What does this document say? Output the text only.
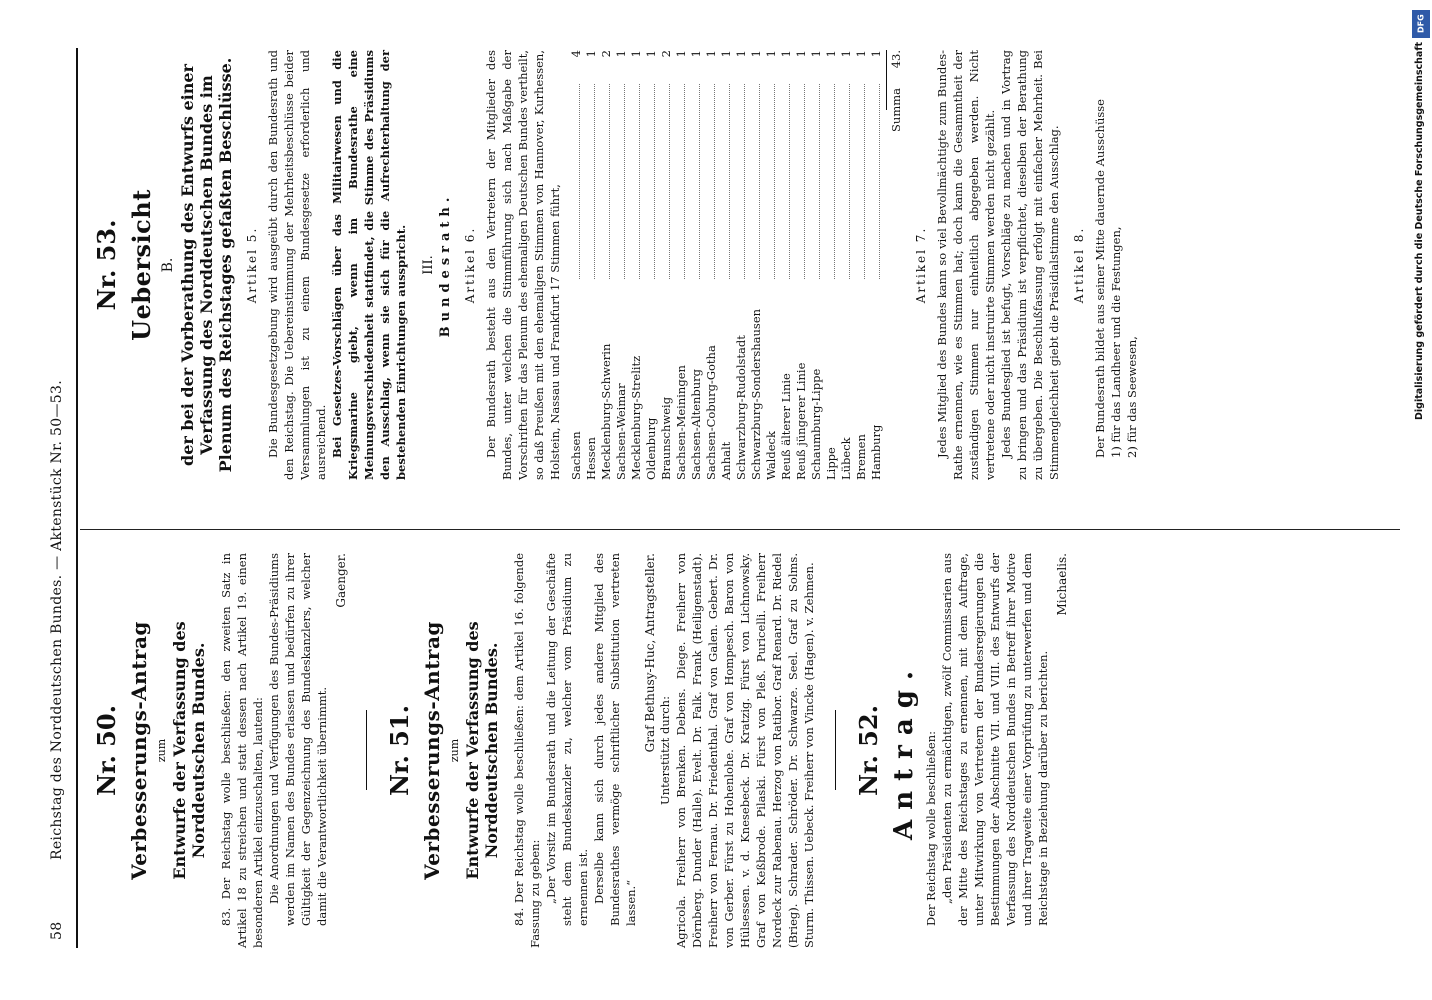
58
Reichstag des Norddeutschen Bundes. — Aktenstück Nr. 50—53. Nr. 50. Verbesserungs-Antrag zum Entwurfe der Verfassung des Norddeutschen Bundes. 83. Der Reichstag wolle beschließen: den zweiten Satz in Artikel 18 zu streichen und statt dessen nach Artikel 19. einen besonderen Artikel einzuschalten, lautend: Die Anordnungen und Verfügungen des Bundes-Präsidiums werden im Namen des Bundes erlassen und bedürfen zu ihrer Gültigkeit der Gegenzeichnung des Bundeskanzlers, welcher damit die Verantwortlichkeit übernimmt.

Gaenger.
Nr. 51. Verbesserungs-Antrag zum Entwurfe der Verfassung des Norddeutschen Bundes. 84. Der Reichstag wolle beschließen: dem Artikel 16. folgende Fassung zu geben: „Der Vorsitz im Bundesrath und die Leitung der Geschäfte steht dem Bundeskanzler zu, welcher vom Präsidium zu ernennen ist. Derselbe kann sich durch jedes andere Mitglied des Bundesrathes vermöge schriftlicher Substitution vertreten lassen.“

Graf Bethusy-Huc, Antragsteller. Unterstützt durch: Agricola. Freiherr von Brenken. Debens. Diege. Freiherr von Dörnberg. Dunder (Halle). Evelt. Dr. Falk. Frank (Heiligenstadt). Freiherr von Fernau. Dr. Friedenthal. Graf von Galen. Gebert. Dr. von Gerber. Fürst zu Hohenlohe. Graf von Hompesch. Baron von Hülsessen. v. d. Knesebeck. Dr. Kratzig. Fürst von Lichnowsky. Graf von Keßbrode. Pilaski. Fürst von Pleß. Puricelli. Freiherr Nordeck zur Rabenau. Herzog von Ratibor. Graf Renard. Dr. Riedel (Brieg). Schrader. Schröder. Dr. Schwarze. Seel. Graf zu Solms. Sturm. Thissen. Uebeck. Freiherr von Vincke (Hagen). v. Zehmen. Nr. 52. Antrag. Der Reichstag wolle beschließen: „den Präsidenten zu ermächtigen, zwölf Commissarien aus der Mitte des Reichstages zu ernennen, mit dem Auftrage, unter Mitwirkung von Vertretern der Bundesregierungen die Bestimmungen der Abschnitte VII. und VIII. des Entwurfs der Verfassung des Norddeutschen Bundes in Betreff ihrer Motive und ihrer Tragweite einer Vorprüfung zu unterwerfen und dem Reichstage in Beziehung darüber zu berichten.

Michaelis.
Nr. 53. Uebersicht B. der bei der Vorberathung des Entwurfs einer Verfassung des Norddeutschen Bundes im Plenum des Reichstages gefaßten Beschlüsse. Artikel 5. Die Bundesgesetzgebung wird ausgeübt durch den Bundesrath und den Reichstag. Die Uebereinstimmung der Mehrheitsbeschlüsse beider Versammlungen ist zu einem Bundesgesetze erforderlich und ausreichend. Bei Gesetzes-Vorschlägen über das Militairwesen und die Kriegsmarine giebt, wenn im Bundesrathe eine Meinungsverschiedenheit stattfindet, die Stimme des Präsidiums den Ausschlag, wenn sie sich für die Aufrechterhaltung der bestehenden Einrichtungen ausspricht. III. Bundesrath. Artikel 6. Der Bundesrath besteht aus den Vertretern der Mitglieder des Bundes, unter welchen die Stimmführung sich nach Maßgabe der Vorschriften für das Plenum des ehemaligen Deutschen Bundes vertheilt, so daß Preußen mit den ehemaligen Stimmen von Hannover, Kurhessen, Holstein, Nassau und Frankfurt 17 Stimmen führt, Sachsen
4
Hessen
1
Mecklenburg-Schwerin
2
Sachsen-Weimar
1
Mecklenburg-Strelitz
1
Oldenburg
1
Braunschweig
2
Sachsen-Meiningen
1
Sachsen-Altenburg
1
Sachsen-Coburg-Gotha
1
Anhalt
1
Schwarzburg-Rudolstadt
1
Schwarzburg-Sondershausen
1
Waldeck
1
Reuß älterer Linie
1
Reuß jüngerer Linie
1
Schaumburg-Lippe
1
Lippe
1
Lübeck
1
Bremen
1
Hamburg
1
Summa
43.
Artikel 7. Jedes Mitglied des Bundes kann so viel Bevollmächtigte zum Bundes-Rathe ernennen, wie es Stimmen hat; doch kann die Gesammtheit der zuständigen Stimmen nur einheitlich abgegeben werden. Nicht vertretene oder nicht instruirte Stimmen werden nicht gezählt. Jedes Bundesglied ist befugt, Vorschläge zu machen und in Vortrag zu bringen und das Präsidium ist verpflichtet, dieselben der Berathung zu übergeben. Die Beschlußfassung erfolgt mit einfacher Mehrheit. Bei Stimmengleichheit giebt die Präsidialstimme den Ausschlag. Artikel 8. Der Bundesrath bildet aus seiner Mitte dauernde Ausschüsse 1) für das Landheer und die Festungen, 2) für das Seewesen,

DFG
Digitalisierung gefördert durch die Deutsche Forschungsgemeinschaft
